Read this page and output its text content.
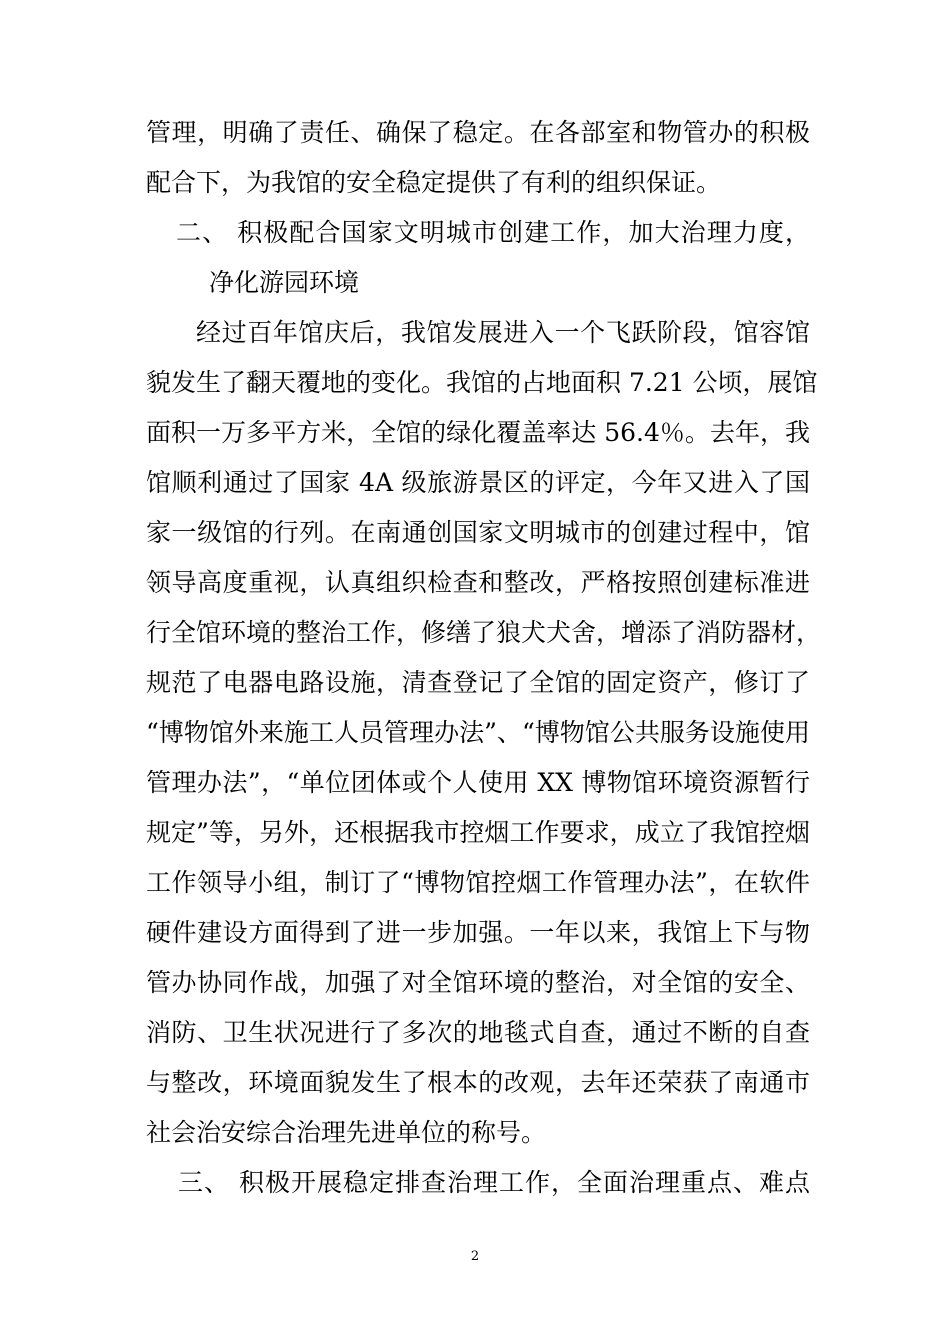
管理，明确了责任、确保了稳定。在各部室和物管办的积极
配合下，为我馆的安全稳定提供了有利的组织保证。
二、 积极配合国家文明城市创建工作，加大治理力度，
净化游园环境
经过百年馆庆后，我馆发展进入一个飞跃阶段，馆容馆
貌发生了翻天覆地的变化。我馆的占地面积 7.21 公顷，展馆
面积一万多平方米，全馆的绿化覆盖率达 56.4％。去年，我
馆顺利通过了国家 4A 级旅游景区的评定，今年又进入了国
家一级馆的行列。在南通创国家文明城市的创建过程中，馆
领导高度重视，认真组织检查和整改，严格按照创建标准进
行全馆环境的整治工作，修缮了狼犬犬舍，增添了消防器材，
规范了电器电路设施，清查登记了全馆的固定资产，修订了
“博物馆外来施工人员管理办法”、“博物馆公共服务设施使用
管理办法”，“单位团体或个人使用 XX 博物馆环境资源暂行
规定”等，另外，还根据我市控烟工作要求，成立了我馆控烟
工作领导小组，制订了“博物馆控烟工作管理办法”，在软件
硬件建设方面得到了进一步加强。一年以来，我馆上下与物
管办协同作战，加强了对全馆环境的整治，对全馆的安全、
消防、卫生状况进行了多次的地毯式自查，通过不断的自查
与整改，环境面貌发生了根本的改观，去年还荣获了南通市
社会治安综合治理先进单位的称号。
三、 积极开展稳定排查治理工作，全面治理重点、难点
2
